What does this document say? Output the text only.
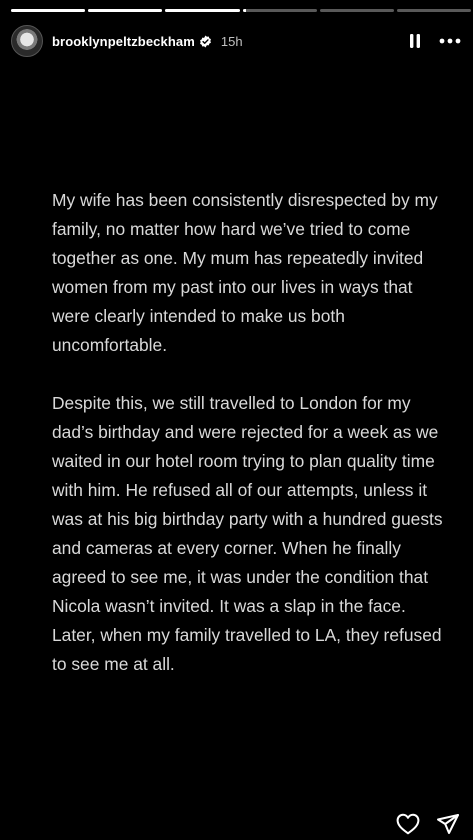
brooklynpeltzbeckham 15h

My wife has been consistently disrespected by my family, no matter how hard we’ve tried to come together as one. My mum has repeatedly invited women from my past into our lives in ways that were clearly intended to make us both uncomfortable.

Despite this, we still travelled to London for my dad’s birthday and were rejected for a week as we waited in our hotel room trying to plan quality time with him. He refused all of our attempts, unless it was at his big birthday party with a hundred guests and cameras at every corner. When he finally agreed to see me, it was under the condition that Nicola wasn’t invited. It was a slap in the face. Later, when my family travelled to LA, they refused to see me at all.
